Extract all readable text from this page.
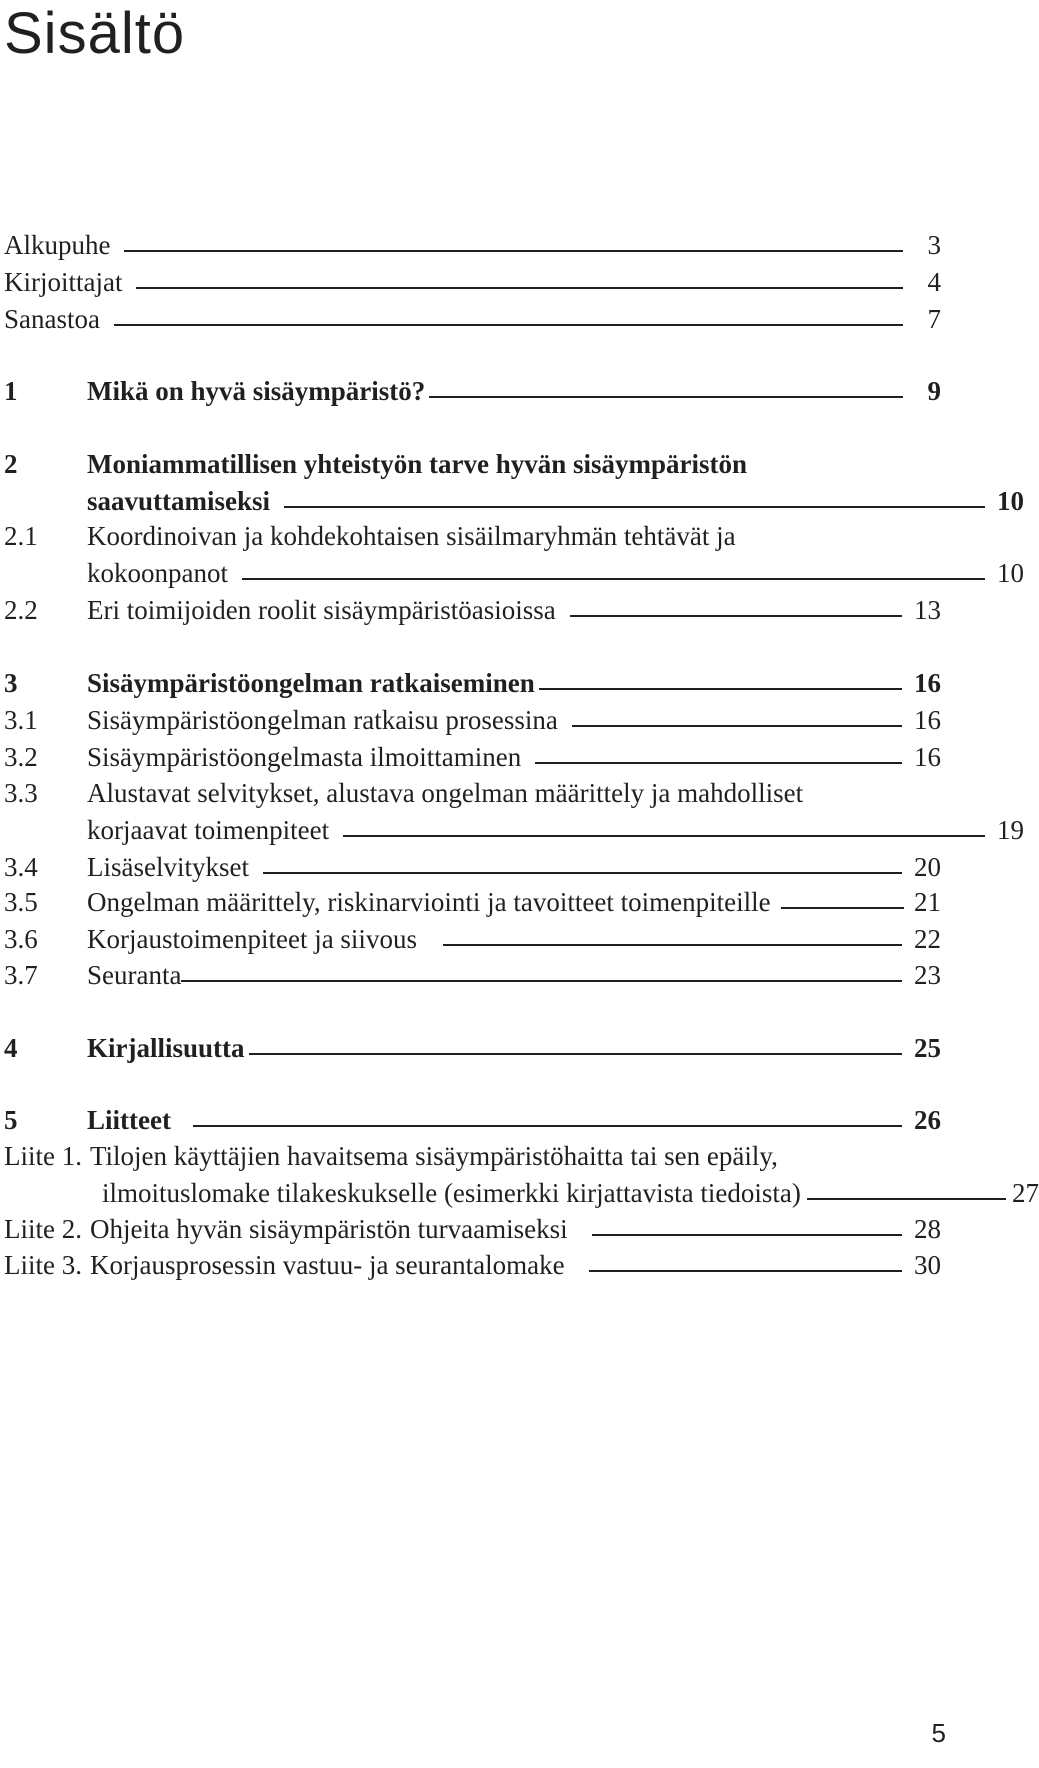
Sisältö
Alkupuhe	3
Kirjoittajat	4
Sanastoa	7
1	Mikä on hyvä sisäympäristö?	9
2	Moniammatillisen yhteistyön tarve hyvän sisäympäristön
saavuttamiseksi	10
2.1	Koordinoivan ja kohdekohtaisen sisäilmaryhmän tehtävät ja
kokoonpanot	10
2.2	Eri toimijoiden roolit sisäympäristöasioissa	13
3	Sisäympäristöongelman ratkaiseminen	16
3.1	Sisäympäristöongelman ratkaisu prosessina	16
3.2	Sisäympäristöongelmasta ilmoittaminen	16
3.3	Alustavat selvitykset, alustava ongelman määrittely ja mahdolliset
korjaavat toimenpiteet	19
3.4	Lisäselvitykset	20
3.5	Ongelman määrittely, riskinarviointi ja tavoitteet toimenpiteille	21
3.6	Korjaustoimenpiteet ja siivous	22
3.7	Seuranta	23
4	Kirjallisuutta	25
5	Liitteet	26
Liite 1. Tilojen käyttäjien havaitsema sisäympäristöhaitta tai sen epäily,
ilmoituslomake tilakeskukselle (esimerkki kirjattavista tiedoista)	27
Liite 2. Ohjeita hyvän sisäympäristön turvaamiseksi	28
Liite 3. Korjausprosessin vastuu- ja seurantalomake	30
5
